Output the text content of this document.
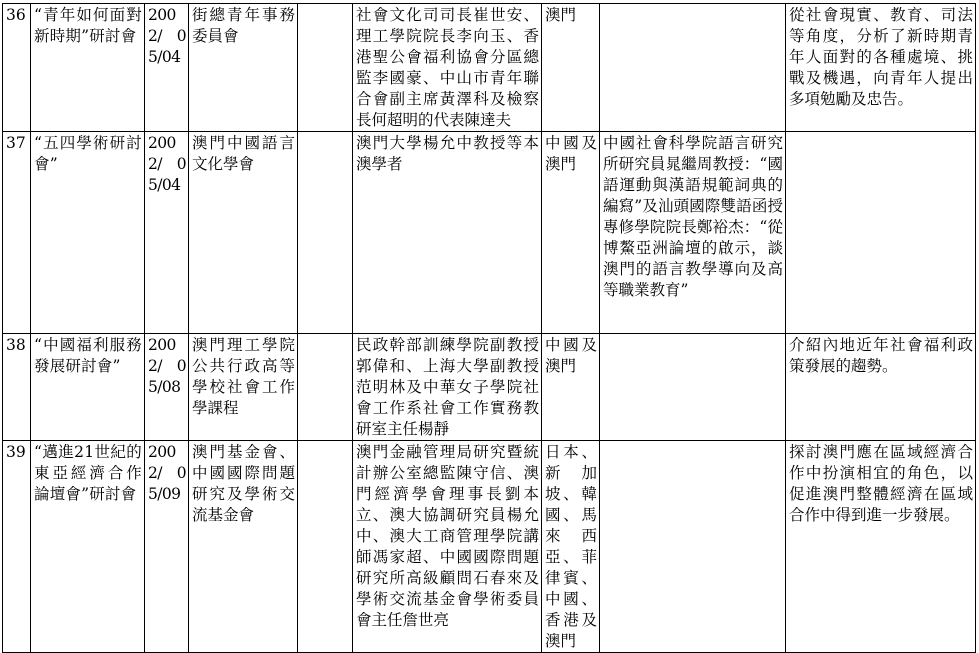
36	“青年如何面對新時期”研討會	2002/ 05/04	街總青年事務委員會		社會文化司司長崔世安、理工學院院長李向玉、香港聖公會福利協會分區總監李國豪、中山市青年聯合會副主席黃澤科及檢察長何超明的代表陳達夫	澳門		從社會現實、教育、司法等角度，分析了新時期青年人面對的各種處境、挑戰及機遇，向青年人提出多項勉勵及忠告。
37	“五四學術研討會”	2002/ 05/04	澳門中國語言文化學會		澳門大學楊允中教授等本澳學者	中國及澳門	中國社會科學院語言研究所研究員晁繼周教授：“國語運動與漢語規範詞典的編寫”及汕頭國際雙語函授專修學院院長鄭裕杰：“從博鰲亞洲論壇的啟示，談澳門的語言教學導向及高等職業教育”	
38	“中國福利服務發展研討會”	2002/ 05/08	澳門理工學院公共行政高等學校社會工作學課程		民政幹部訓練學院副教授郭偉和、上海大學副教授范明林及中華女子學院社會工作系社會工作實務教研室主任楊靜	中國及澳門		介紹內地近年社會福利政策發展的趨勢。
39	“邁進21世紀的東亞經濟合作論壇會”研討會	2002/ 05/09	澳門基金會、中國國際問題研究及學術交流基金會		澳門金融管理局研究暨統計辦公室總監陳守信、澳門經濟學會理事長劉本立、澳大協調研究員楊允中、澳大工商管理學院講師馮家超、中國國際問題研究所高級顧問石春來及學術交流基金會學術委員會主任詹世亮	日本、新加坡、韓國、馬來西亞、菲律賓、中國、香港及澳門		探討澳門應在區域經濟合作中扮演相宜的角色，以促進澳門整體經濟在區域合作中得到進一步發展。
